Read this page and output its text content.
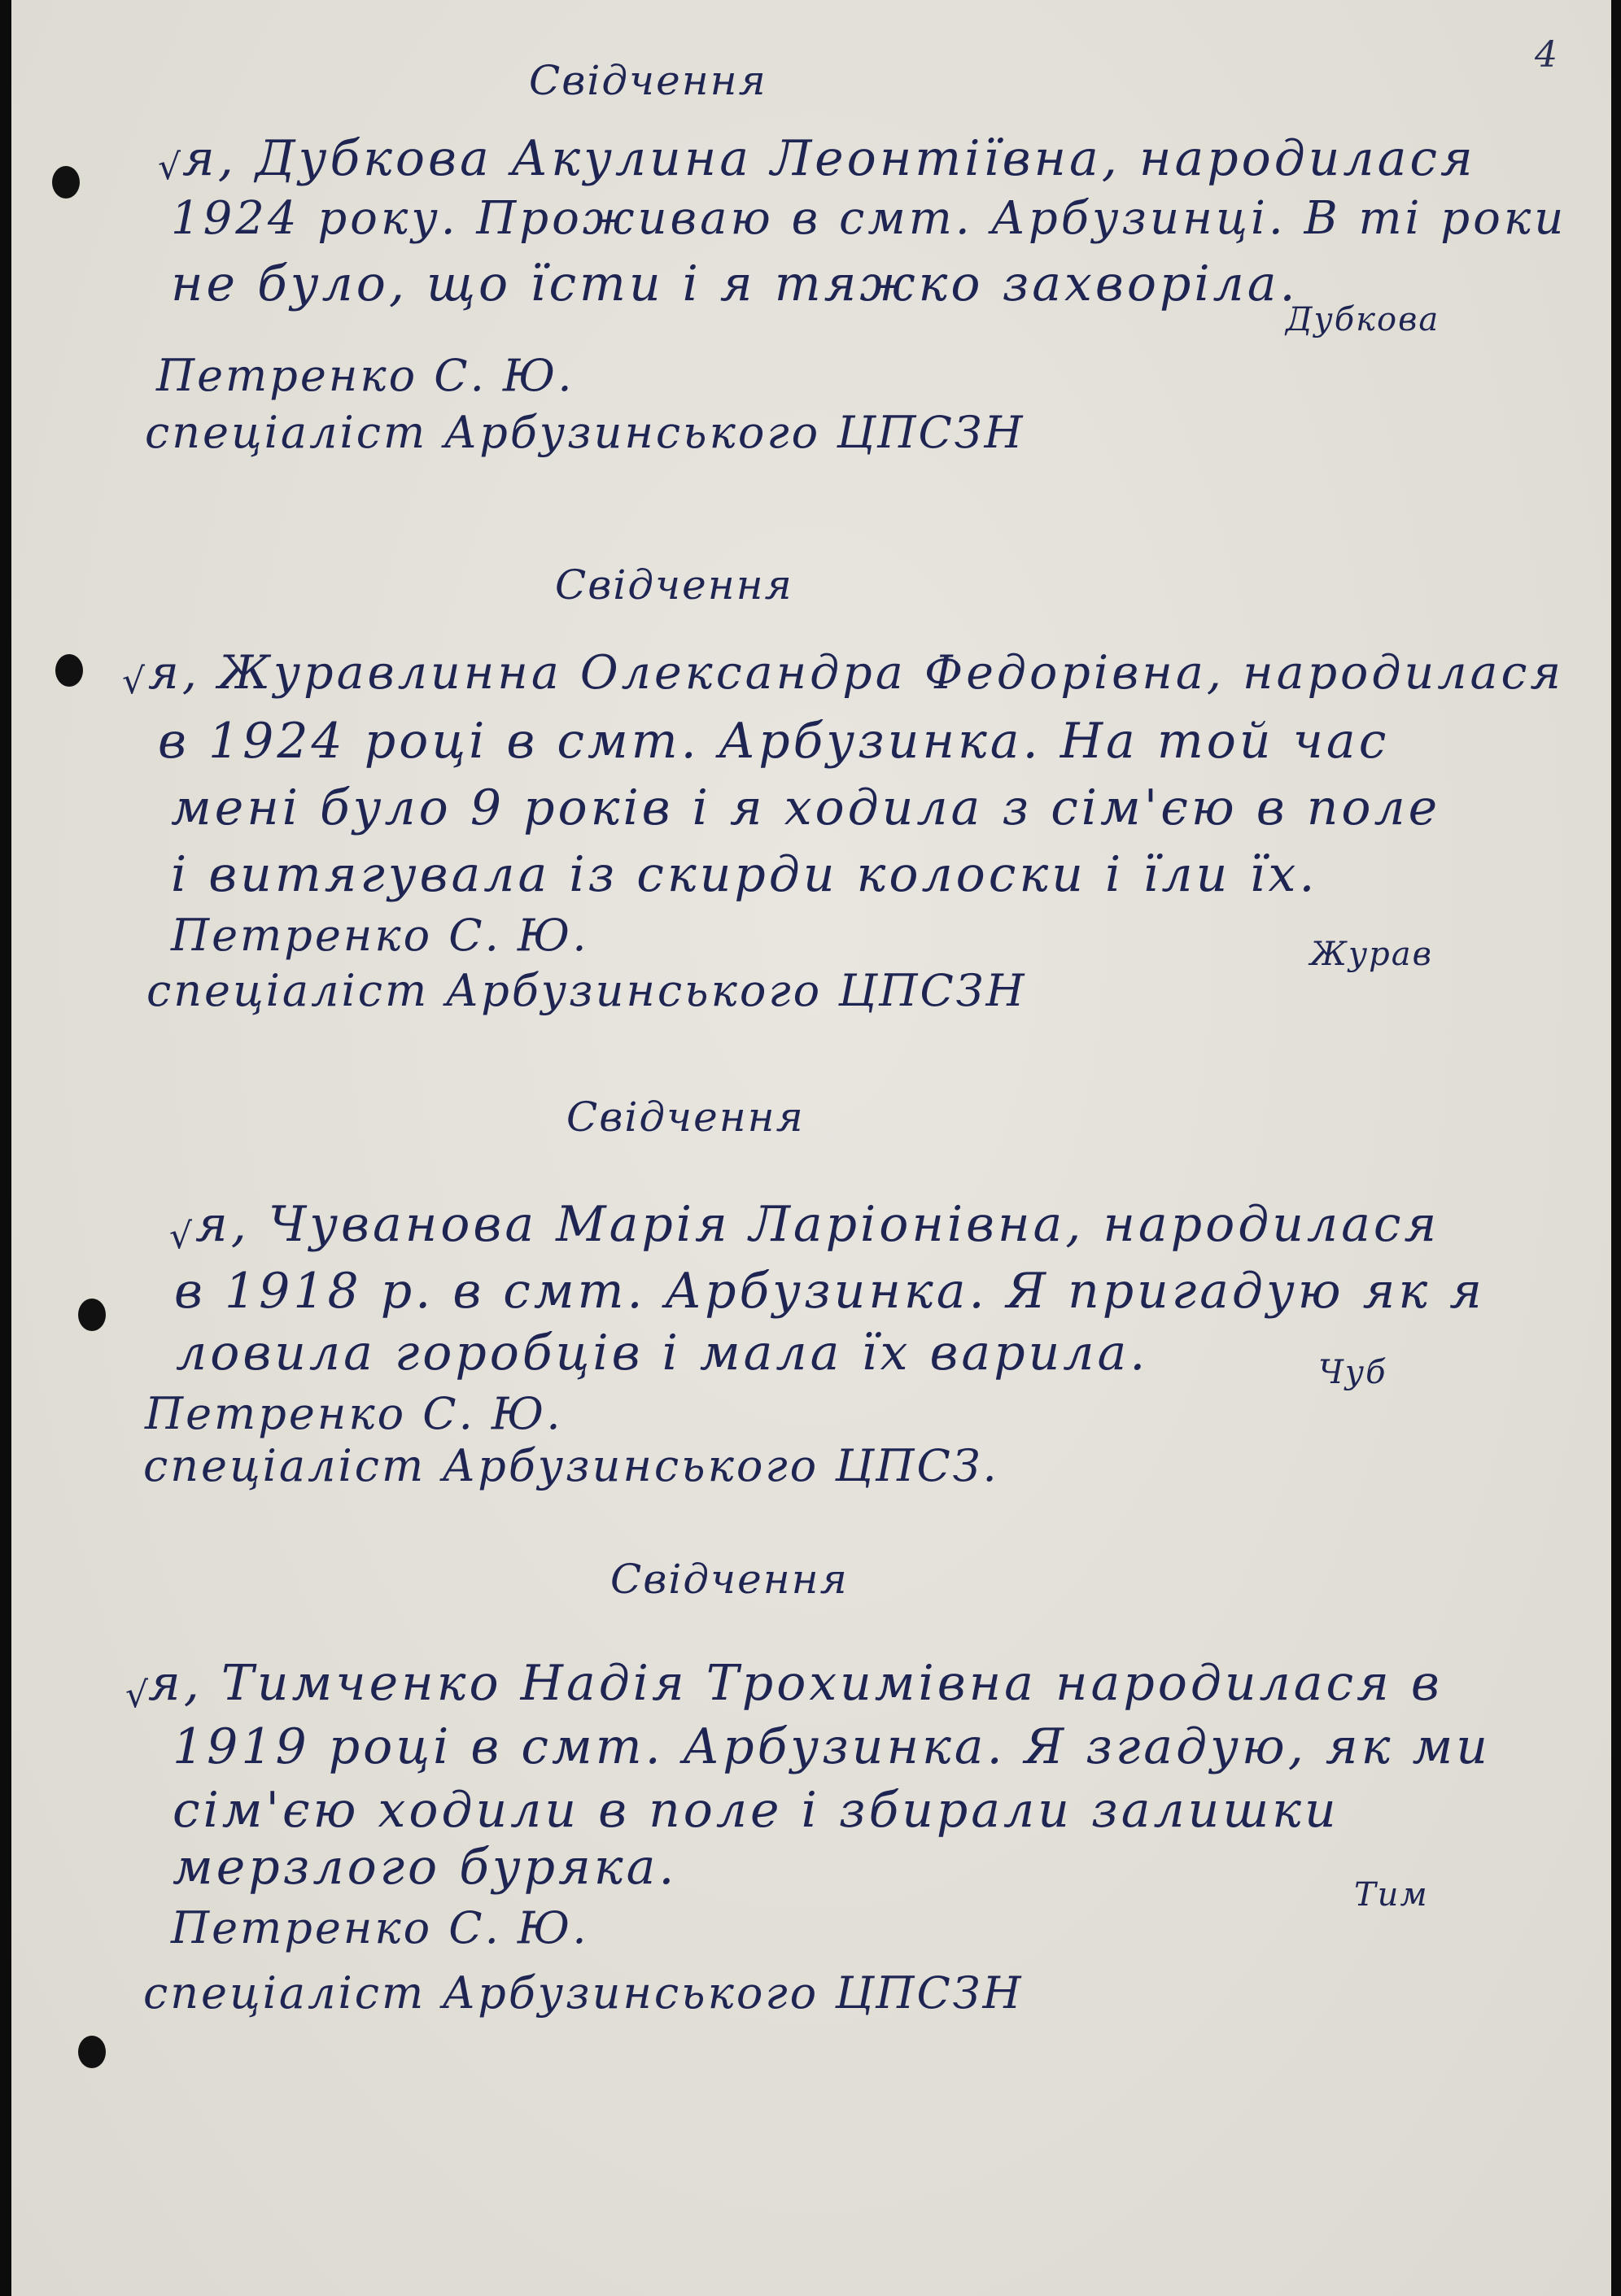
4

Свідчення

√ я, Дубкова Акулина Леонтіївна, народилася

1924 року. Проживаю в смт. Арбузинці. В ті роки

не було, що їсти і я тяжко захворіла.

Дубкова

Петренко С. Ю.

спеціаліст Арбузинського ЦПСЗН

Свідчення

√ я, Журавлинна Олександра Федорівна, народилася

в 1924 році в смт. Арбузинка. На той час

мені було 9 років і я ходила з сім'єю в поле

і витягувала із скирди колоски і їли їх.

Журав

Петренко С. Ю.

спеціаліст Арбузинського ЦПСЗН

Свідчення

√ я, Чуванова Марія Ларіонівна, народилася

в 1918 р. в смт. Арбузинка. Я пригадую як я

ловила горобців і мала їх варила.	Чуб

Петренко С. Ю.

спеціаліст Арбузинського ЦПСЗ.

Свідчення

√

я, Тимченко Надія Трохимівна народилася в

1919 році в смт. Арбузинка. Я згадую, як ми

сім'єю ходили в поле і збирали залишки

мерзлого буряка.	Тим

Петренко С. Ю.

спеціаліст Арбузинського ЦПСЗН
